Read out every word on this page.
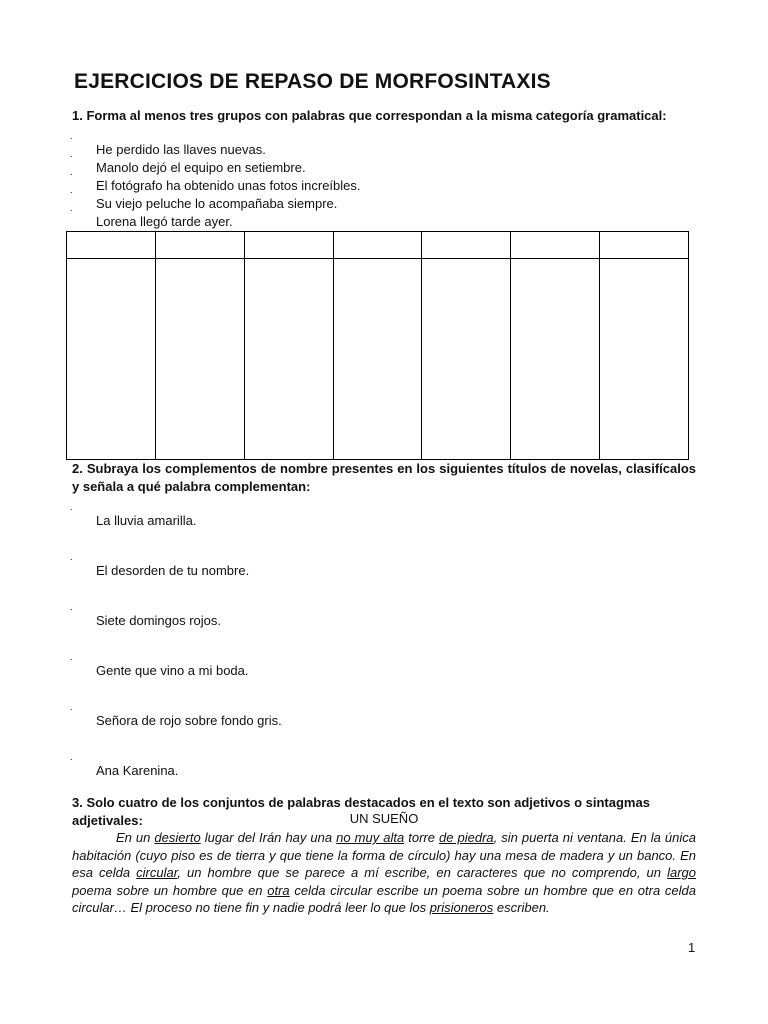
EJERCICIOS DE REPASO DE MORFOSINTAXIS
1. Forma al menos tres grupos con palabras que correspondan a la misma categoría gramatical:
˙ He perdido las llaves nuevas.
˙ Manolo dejó el equipo en setiembre.
˙ El fotógrafo ha obtenido unas fotos increíbles.
˙ Su viejo peluche lo acompañaba siempre.
˙ Lorena llegó tarde ayer.

2. Subraya los complementos de nombre presentes en los siguientes títulos de novelas, clasifícalos y señala a qué palabra complementan:
˙ La lluvia amarilla.
˙ El desorden de tu nombre.
˙ Siete domingos rojos.
˙ Gente que vino a mi boda.
˙ Señora de rojo sobre fondo gris.
˙ Ana Karenina.
3. Solo cuatro de los conjuntos de palabras destacados en el texto son adjetivos o sintagmas adjetivales:	UN SUEÑO
En un desierto lugar del Irán hay una no muy alta torre de piedra, sin puerta ni ventana. En la única habitación (cuyo piso es de tierra y que tiene la forma de círculo) hay una mesa de madera y un banco. En esa celda circular, un hombre que se parece a mí escribe, en caracteres que no comprendo, un largo poema sobre un hombre que en otra celda circular escribe un poema sobre un hombre que en otra celda circular… El proceso no tiene fin y nadie podrá leer lo que los prisioneros escriben.
1
